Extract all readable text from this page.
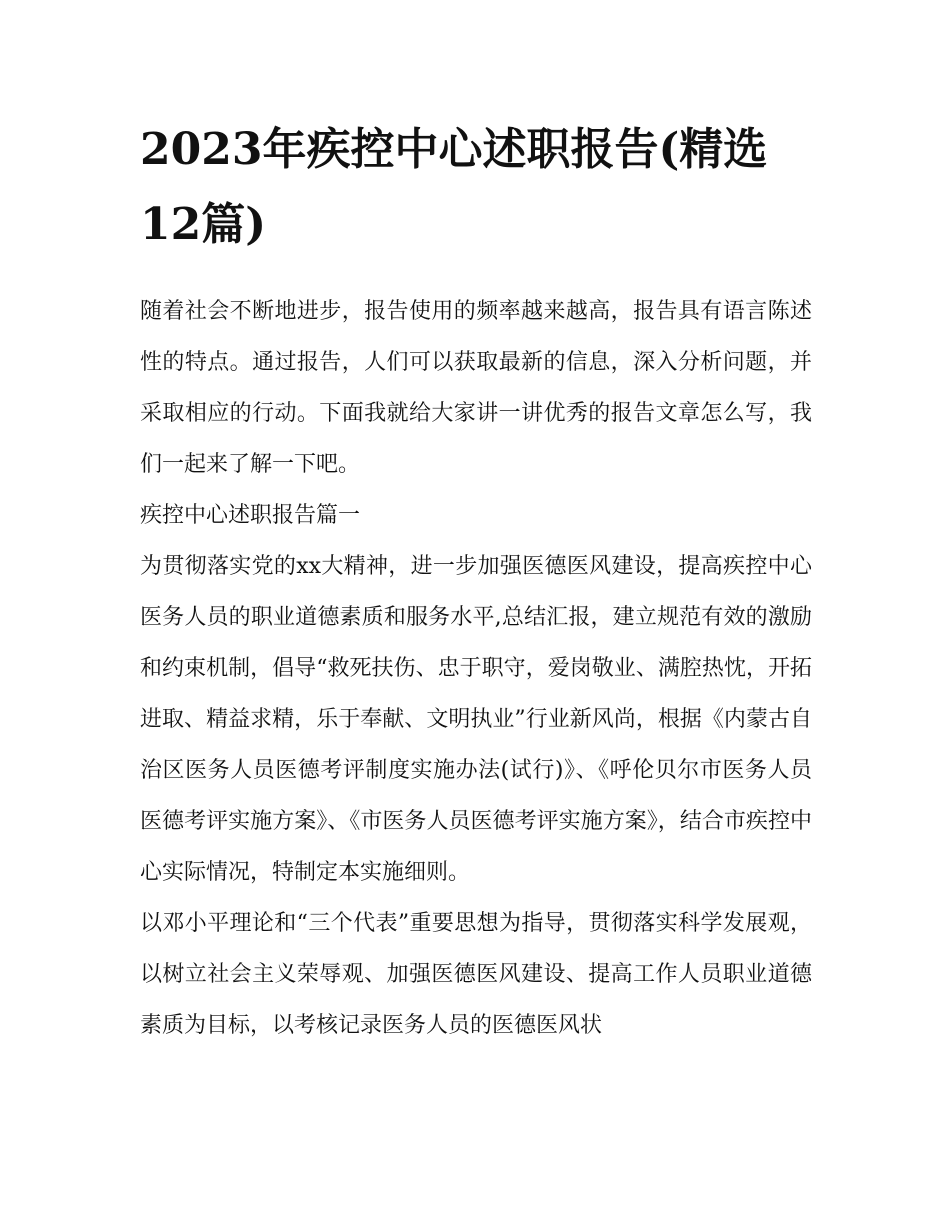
2023年疾控中心述职报告(精选12篇)

随着社会不断地进步，报告使用的频率越来越高，报告具有语言陈述性的特点。通过报告，人们可以获取最新的信息，深入分析问题，并采取相应的行动。下面我就给大家讲一讲优秀的报告文章怎么写，我们一起来了解一下吧。

疾控中心述职报告篇一

为贯彻落实党的xx大精神，进一步加强医德医风建设，提高疾控中心医务人员的职业道德素质和服务水平,总结汇报，建立规范有效的激励和约束机制，倡导“救死扶伤、忠于职守，爱岗敬业、满腔热忱，开拓进取、精益求精，乐于奉献、文明执业”行业新风尚，根据《内蒙古自治区医务人员医德考评制度实施办法(试行)》、《呼伦贝尔市医务人员医德考评实施方案》、《市医务人员医德考评实施方案》，结合市疾控中心实际情况，特制定本实施细则。

以邓小平理论和“三个代表”重要思想为指导，贯彻落实科学发展观，以树立社会主义荣辱观、加强医德医风建设、提高工作人员职业道德素质为目标，以考核记录医务人员的医德医风状
